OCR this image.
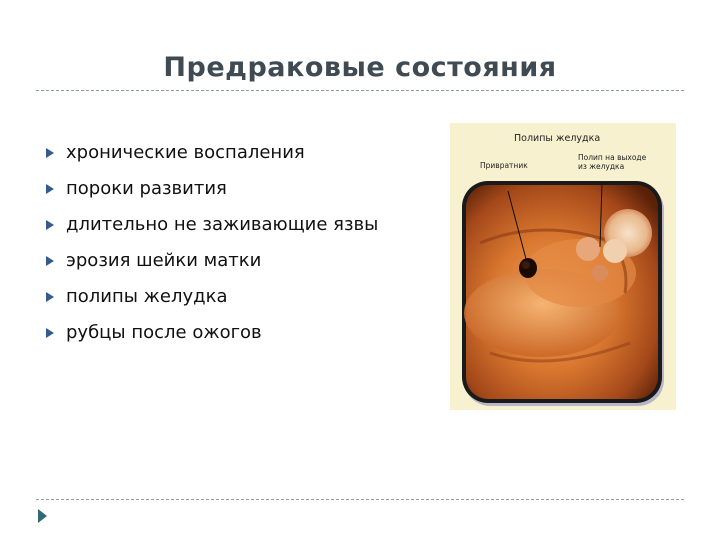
Предраковые состояния
хронические воспаления
пороки развития
длительно не заживающие язвы
эрозия шейки матки
полипы желудка
рубцы после ожогов
Полипы желудка
Привратник
Полип на выходе
из желудка
